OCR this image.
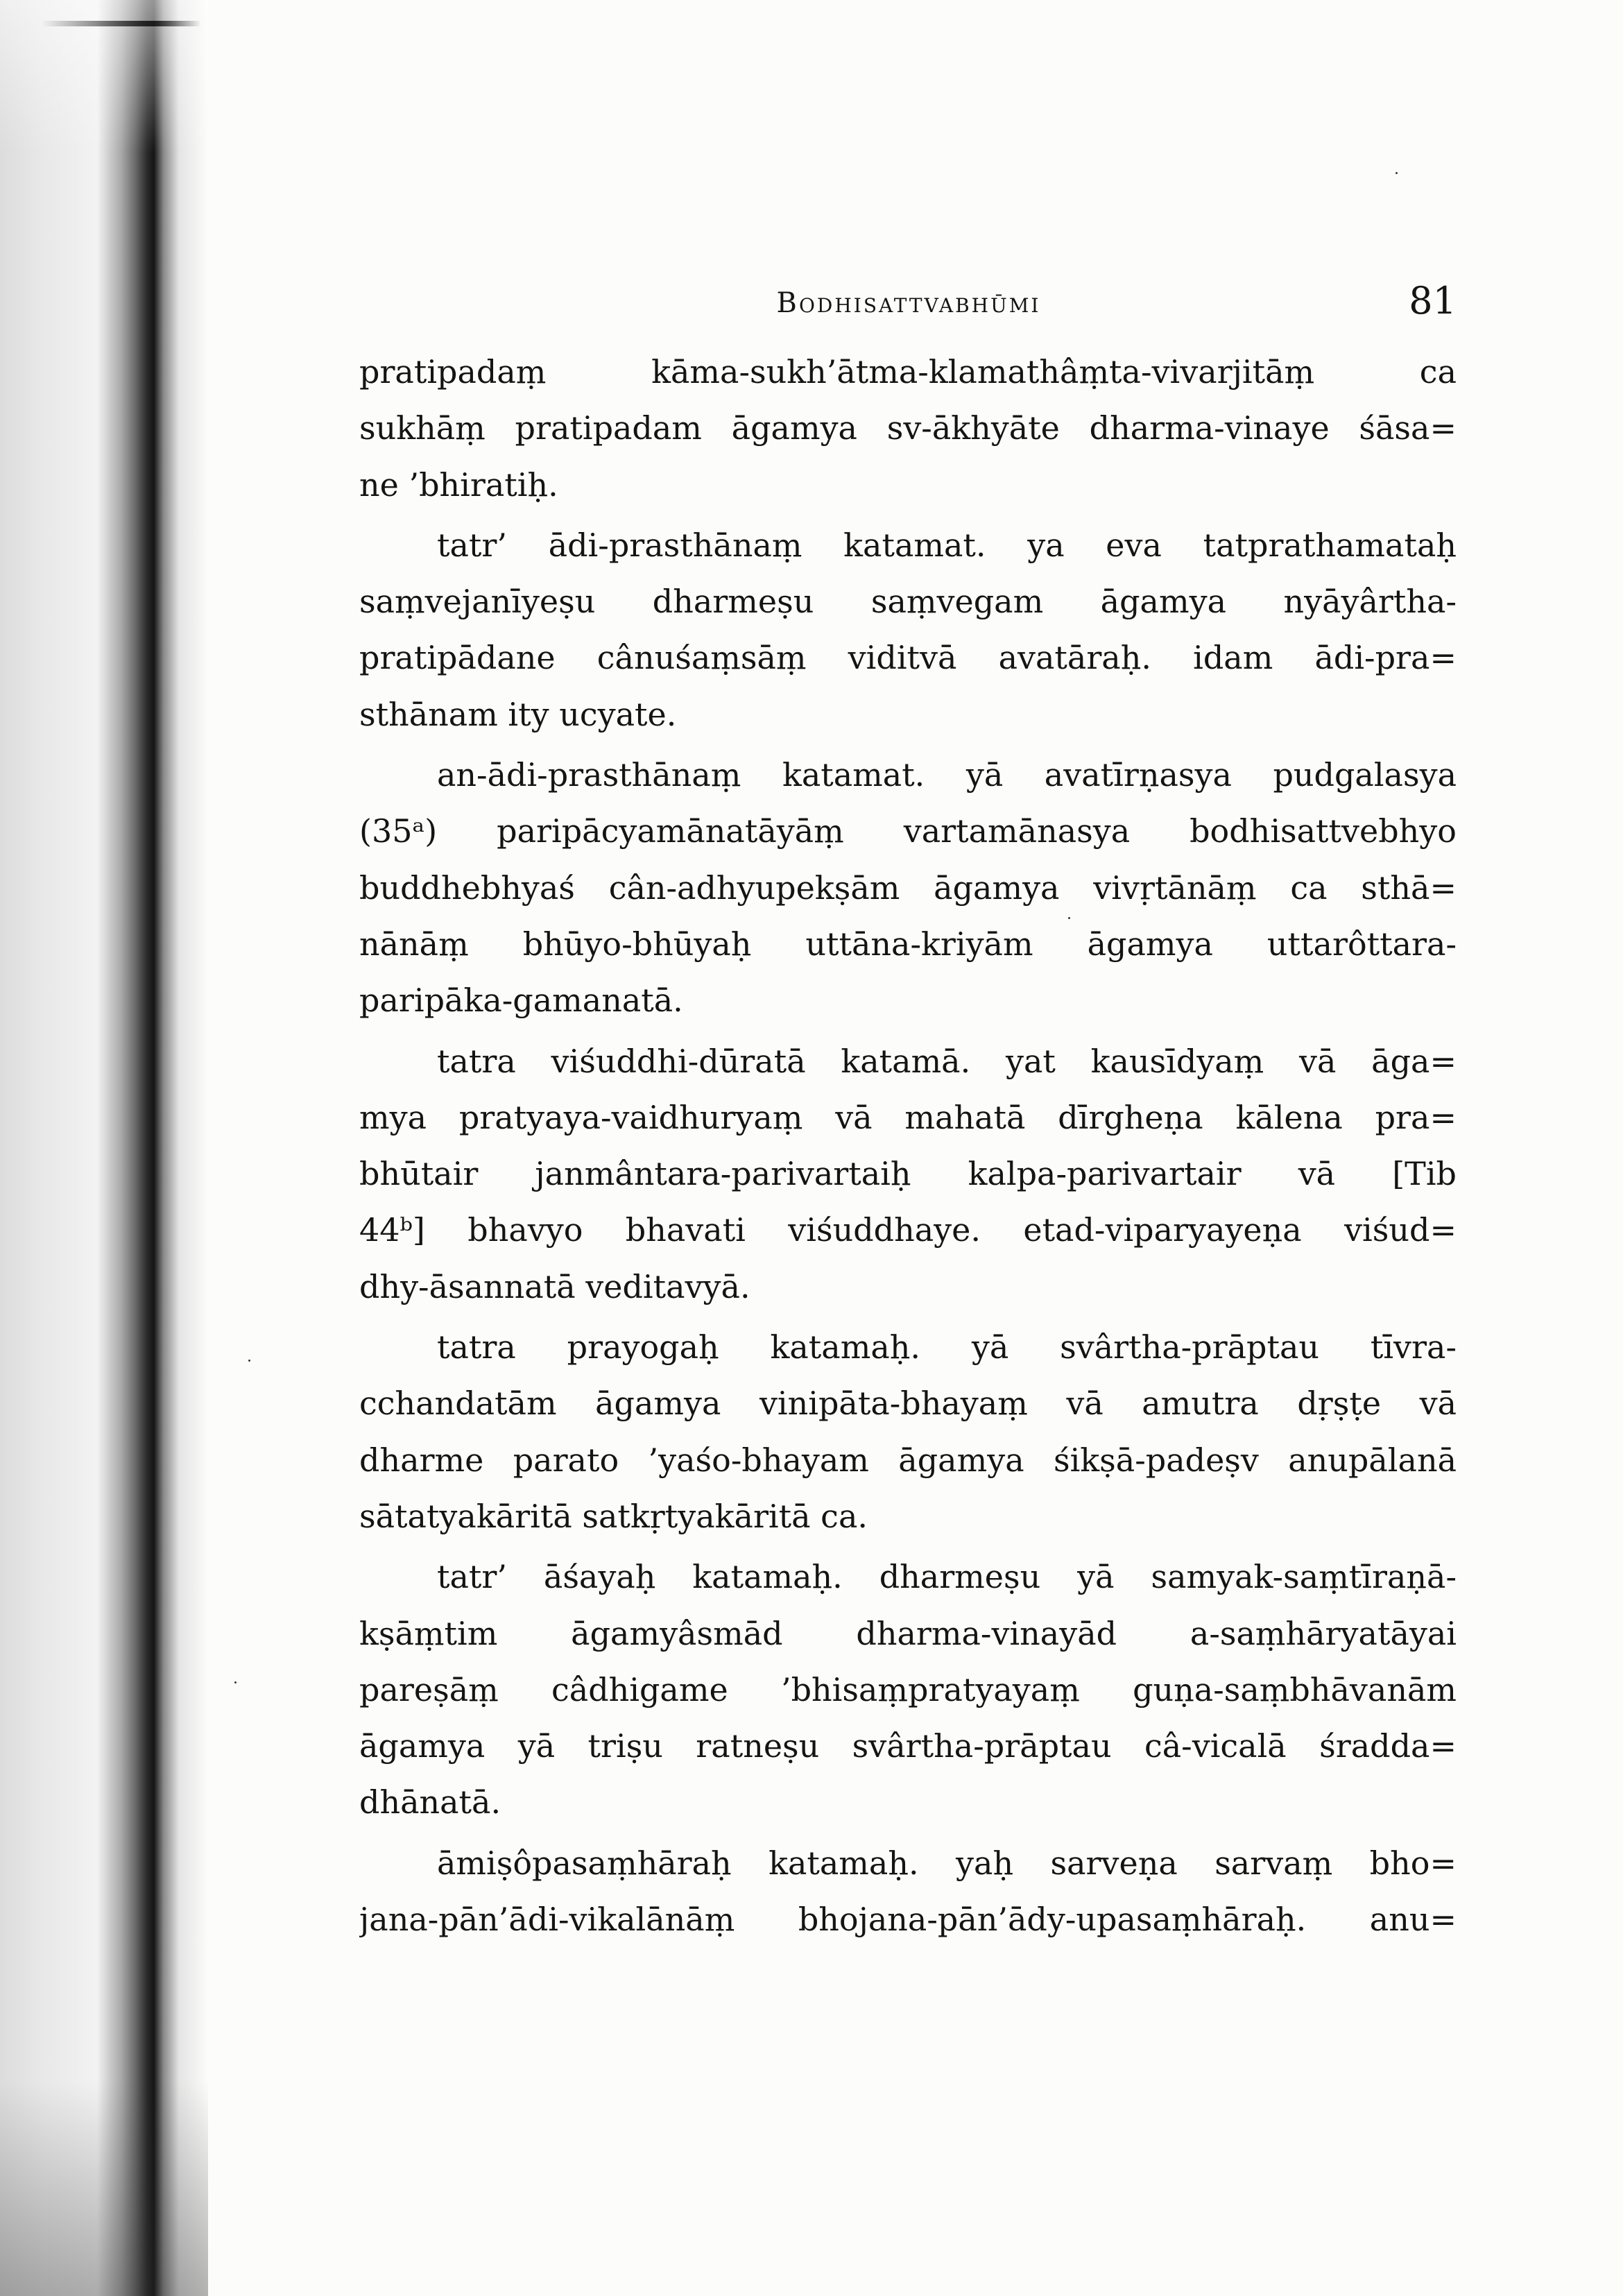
Bodhisattvabhūmi	81
pratipadaṃ kāma-sukh’ātma-klamathâṃta-vivarjitāṃ ca
sukhāṃ pratipadam āgamya sv-ākhyāte dharma-vinaye śāsa=
ne ’bhiratiḥ.
tatr’ ādi-prasthānaṃ katamat. ya eva tatprathamataḥ
saṃvejanīyeṣu dharmeṣu saṃvegam āgamya nyāyârtha-
pratipādane cânuśaṃsāṃ viditvā avatāraḥ. idam ādi-pra=
sthānam ity ucyate.
an-ādi-prasthānaṃ katamat. yā avatīrṇasya pudgalasya
(35ᵃ) paripācyamānatāyāṃ vartamānasya bodhisattvebhyo
buddhebhyaś cân-adhyupekṣām āgamya vivṛtānāṃ ca sthā=
nānāṃ bhūyo-bhūyaḥ uttāna-kriyām āgamya uttarôttara-
paripāka-gamanatā.
tatra viśuddhi-dūratā katamā. yat kausīdyaṃ vā āga=
mya pratyaya-vaidhuryaṃ vā mahatā dīrgheṇa kālena pra=
bhūtair janmântara-parivartaiḥ kalpa-parivartair vā [Tib
44ᵇ] bhavyo bhavati viśuddhaye. etad-viparyayeṇa viśud=
dhy-āsannatā veditavyā.
tatra prayogaḥ katamaḥ. yā svârtha-prāptau tīvra-
cchandatām āgamya vinipāta-bhayaṃ vā amutra dṛṣṭe vā
dharme parato ’yaśo-bhayam āgamya śikṣā-padeṣv anupālanā
sātatyakāritā satkṛtyakāritā ca.
tatr’ āśayaḥ katamaḥ. dharmeṣu yā samyak-saṃtīraṇā-
kṣāṃtim āgamyâsmād dharma-vinayād a-saṃhāryatāyai
pareṣāṃ câdhigame ’bhisaṃpratyayaṃ guṇa-saṃbhāvanām
āgamya yā triṣu ratneṣu svârtha-prāptau câ-vicalā śradda=
dhānatā.
āmiṣôpasaṃhāraḥ katamaḥ. yaḥ sarveṇa sarvaṃ bho=
jana-pān’ādi-vikalānāṃ bhojana-pān’ādy-upasaṃhāraḥ. anu=
